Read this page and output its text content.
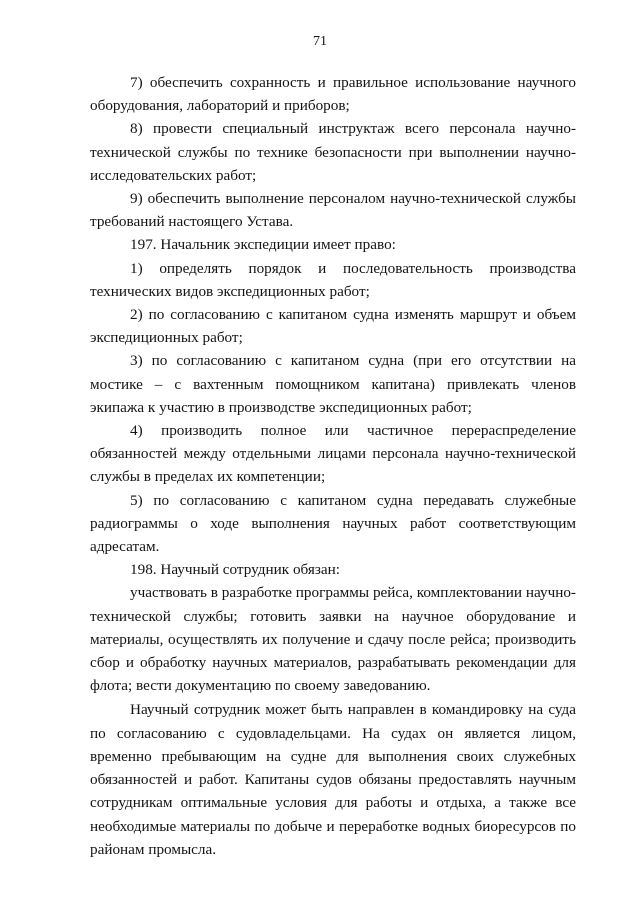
71

7) обеспечить сохранность и правильное использование научного оборудования, лабораторий и приборов;

8) провести специальный инструктаж всего персонала научно-технической службы по технике безопасности при выполнении научно-исследовательских работ;

9) обеспечить выполнение персоналом научно-технической службы требований настоящего Устава.

197. Начальник экспедиции имеет право:

1) определять порядок и последовательность производства технических видов экспедиционных работ;

2) по согласованию с капитаном судна изменять маршрут и объем экспедиционных работ;

3) по согласованию с капитаном судна (при его отсутствии на мостике – с вахтенным помощником капитана) привлекать членов экипажа к участию в производстве экспедиционных работ;

4) производить полное или частичное перераспределение обязанностей между отдельными лицами персонала научно-технической службы в пределах их компетенции;

5) по согласованию с капитаном судна передавать служебные радиограммы о ходе выполнения научных работ соответствующим адресатам.

198. Научный сотрудник обязан:

участвовать в разработке программы рейса, комплектовании научно-технической службы; готовить заявки на научное оборудование и материалы, осуществлять их получение и сдачу после рейса; производить сбор и обработку научных материалов, разрабатывать рекомендации для флота; вести документацию по своему заведованию.

Научный сотрудник может быть направлен в командировку на суда по согласованию с судовладельцами. На судах он является лицом, временно пребывающим на судне для выполнения своих служебных обязанностей и работ. Капитаны судов обязаны предоставлять научным сотрудникам оптимальные условия для работы и отдыха, а также все необходимые материалы по добыче и переработке водных биоресурсов по районам промысла.
